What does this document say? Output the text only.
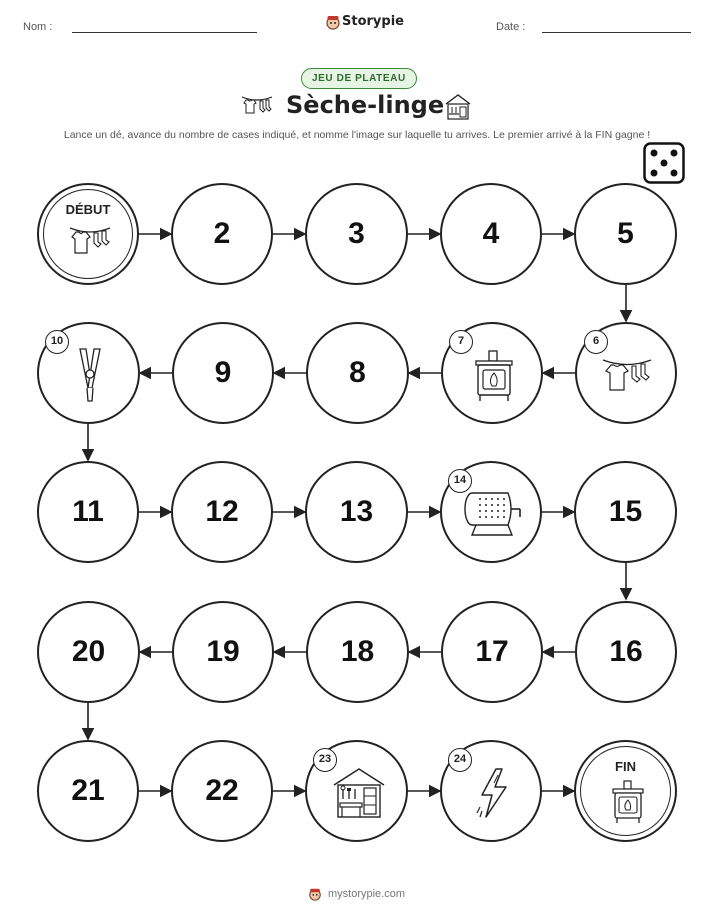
Nom :	Storypie	Date :
JEU DE PLATEAU
Sèche-linge
Lance un dé, avance du nombre de cases indiqué, et nomme l'image sur laquelle tu arrives. Le premier arrivé à la FIN gagne !
DÉBUT
2	3	4	5
6
7
8
9
10
11	12	13
14
15
16
17
18
19
20
21	22
23	24	FIN
mystorypie.com
